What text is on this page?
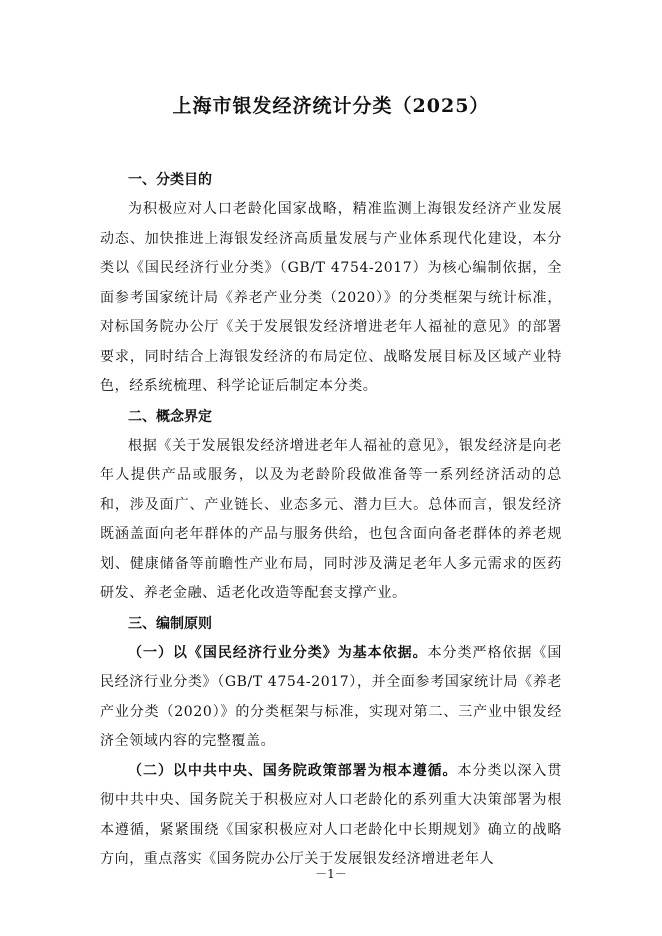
上海市银发经济统计分类（2025）
一、分类目的
为积极应对人口老龄化国家战略，精准监测上海银发经济产业发展动态、加快推进上海银发经济高质量发展与产业体系现代化建设，本分类以《国民经济行业分类》（GB/T 4754-2017）为核心编制依据，全面参考国家统计局《养老产业分类（2020）》的分类框架与统计标准，对标国务院办公厅《关于发展银发经济增进老年人福祉的意见》的部署要求，同时结合上海银发经济的布局定位、战略发展目标及区域产业特色，经系统梳理、科学论证后制定本分类。
二、概念界定
根据《关于发展银发经济增进老年人福祉的意见》，银发经济是向老年人提供产品或服务，以及为老龄阶段做准备等一系列经济活动的总和，涉及面广、产业链长、业态多元、潜力巨大。总体而言，银发经济既涵盖面向老年群体的产品与服务供给，也包含面向备老群体的养老规划、健康储备等前瞻性产业布局，同时涉及满足老年人多元需求的医药研发、养老金融、适老化改造等配套支撑产业。
三、编制原则
（一）以《国民经济行业分类》为基本依据。本分类严格依据《国民经济行业分类》（GB/T 4754-2017），并全面参考国家统计局《养老产业分类（2020）》的分类框架与标准，实现对第二、三产业中银发经济全领域内容的完整覆盖。
（二）以中共中央、国务院政策部署为根本遵循。本分类以深入贯彻中共中央、国务院关于积极应对人口老龄化的系列重大决策部署为根本遵循，紧紧围绕《国家积极应对人口老龄化中长期规划》确立的战略方向，重点落实《国务院办公厅关于发展银发经济增进老年人
－1－
